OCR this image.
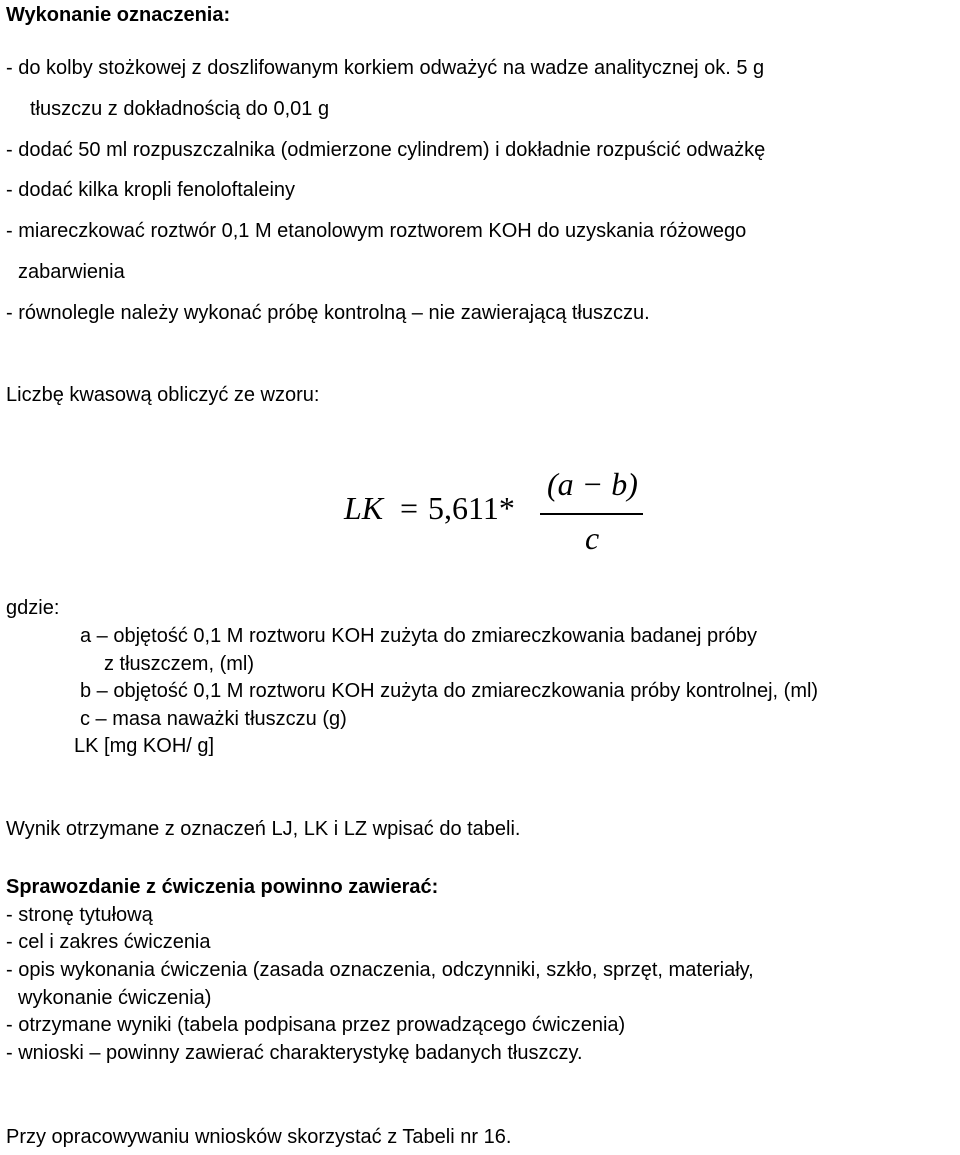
Wykonanie oznaczenia:
- do kolby stożkowej z doszlifowanym korkiem odważyć na wadze analitycznej ok. 5 g
tłuszczu z dokładnością do 0,01 g
- dodać 50 ml rozpuszczalnika (odmierzone cylindrem) i dokładnie rozpuścić odważkę
- dodać kilka kropli fenoloftaleiny
- miareczkować roztwór 0,1 M etanolowym roztworem KOH do uzyskania różowego
zabarwienia
- równolegle należy wykonać próbę kontrolną – nie zawierającą tłuszczu.
Liczbę kwasową obliczyć ze wzoru:
LK = 5,611*
(a − b)
c
gdzie:
a – objętość 0,1 M roztworu KOH zużyta do zmiareczkowania badanej próby
z tłuszczem, (ml)
b – objętość 0,1 M roztworu KOH zużyta do zmiareczkowania próby kontrolnej, (ml)
c – masa naważki tłuszczu (g)
LK [mg KOH/ g]
Wynik otrzymane z oznaczeń LJ, LK i LZ wpisać do tabeli.
Sprawozdanie z ćwiczenia powinno zawierać:
- stronę tytułową
- cel i zakres ćwiczenia
- opis wykonania ćwiczenia (zasada oznaczenia, odczynniki, szkło, sprzęt, materiały,
wykonanie ćwiczenia)
- otrzymane wyniki (tabela podpisana przez prowadzącego ćwiczenia)
- wnioski – powinny zawierać charakterystykę badanych tłuszczy.
Przy opracowywaniu wniosków skorzystać z Tabeli nr 16.
